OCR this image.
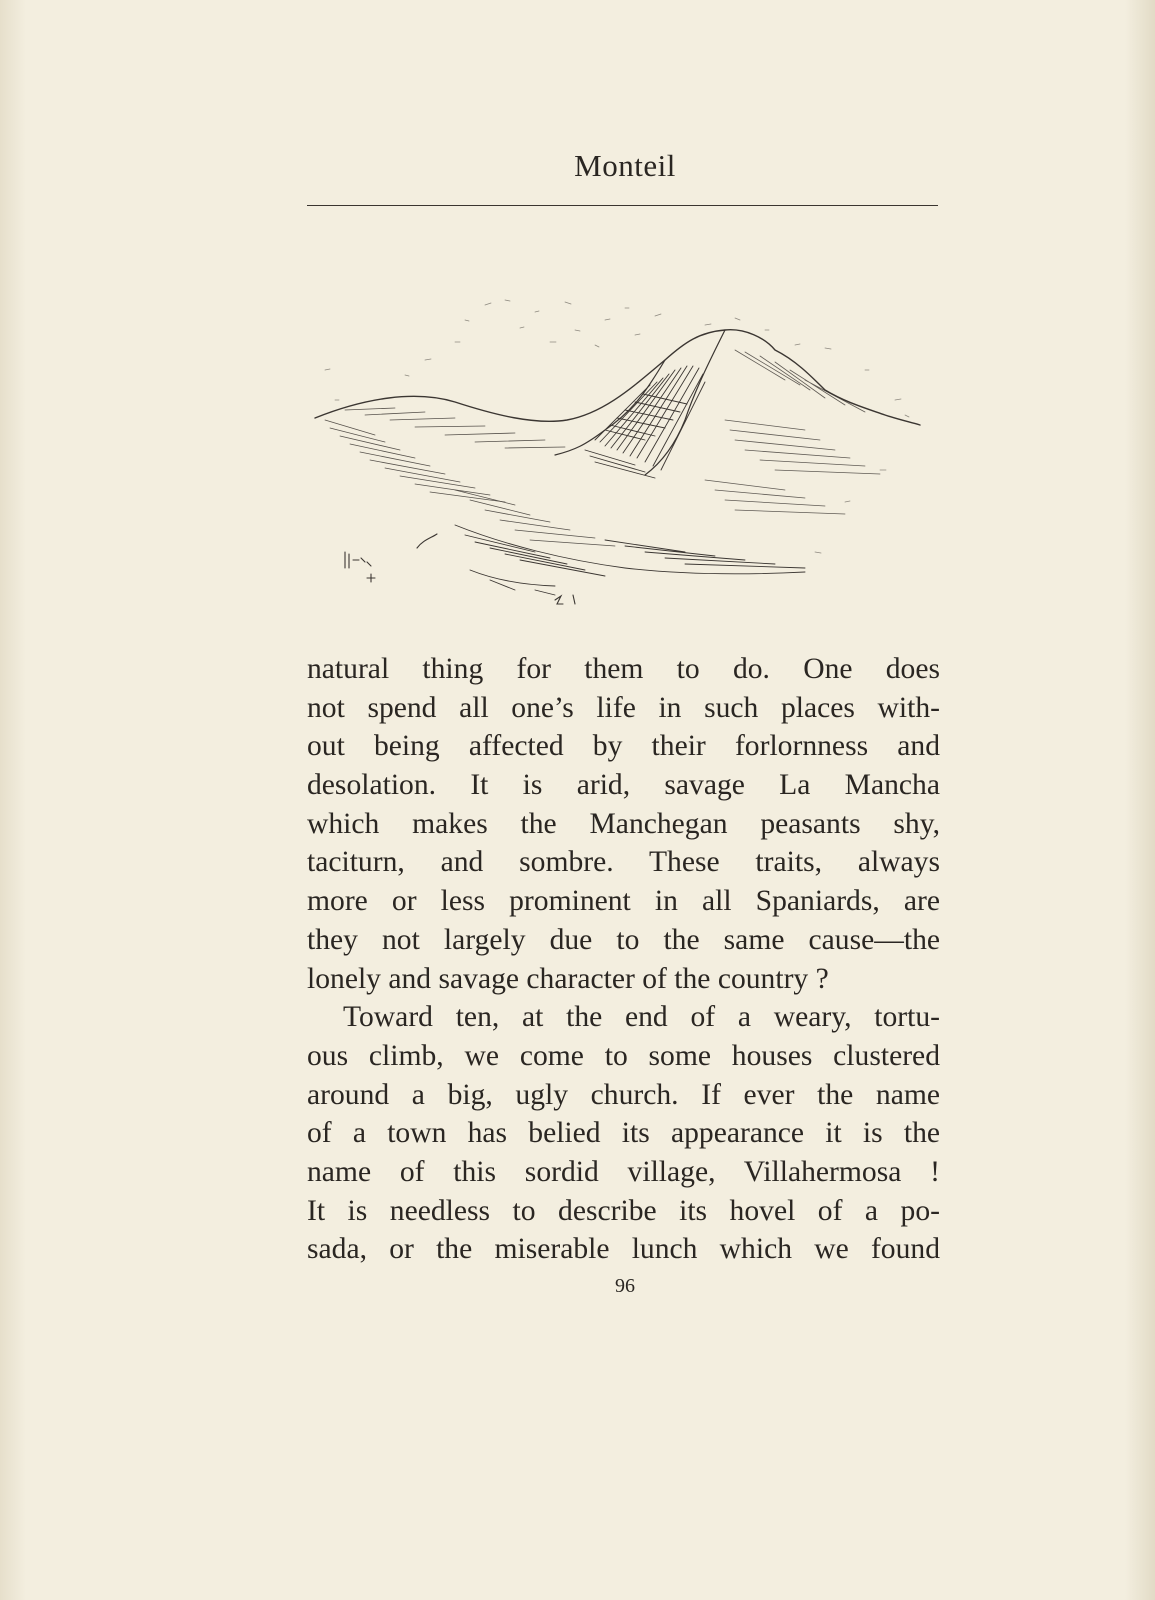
Monteil
natural thing for them to do. One does
not spend all one’s life in such places with-
out being affected by their forlornness and
desolation. It is arid, savage La Mancha
which makes the Manchegan peasants shy,
taciturn, and sombre. These traits, always
more or less prominent in all Spaniards, are
they not largely due to the same cause—the
lonely and savage character of the country ?
Toward ten, at the end of a weary, tortu-
ous climb, we come to some houses clustered
around a big, ugly church. If ever the name
of a town has belied its appearance it is the
name of this sordid village, Villahermosa !
It is needless to describe its hovel of a po-
sada, or the miserable lunch which we found
96
